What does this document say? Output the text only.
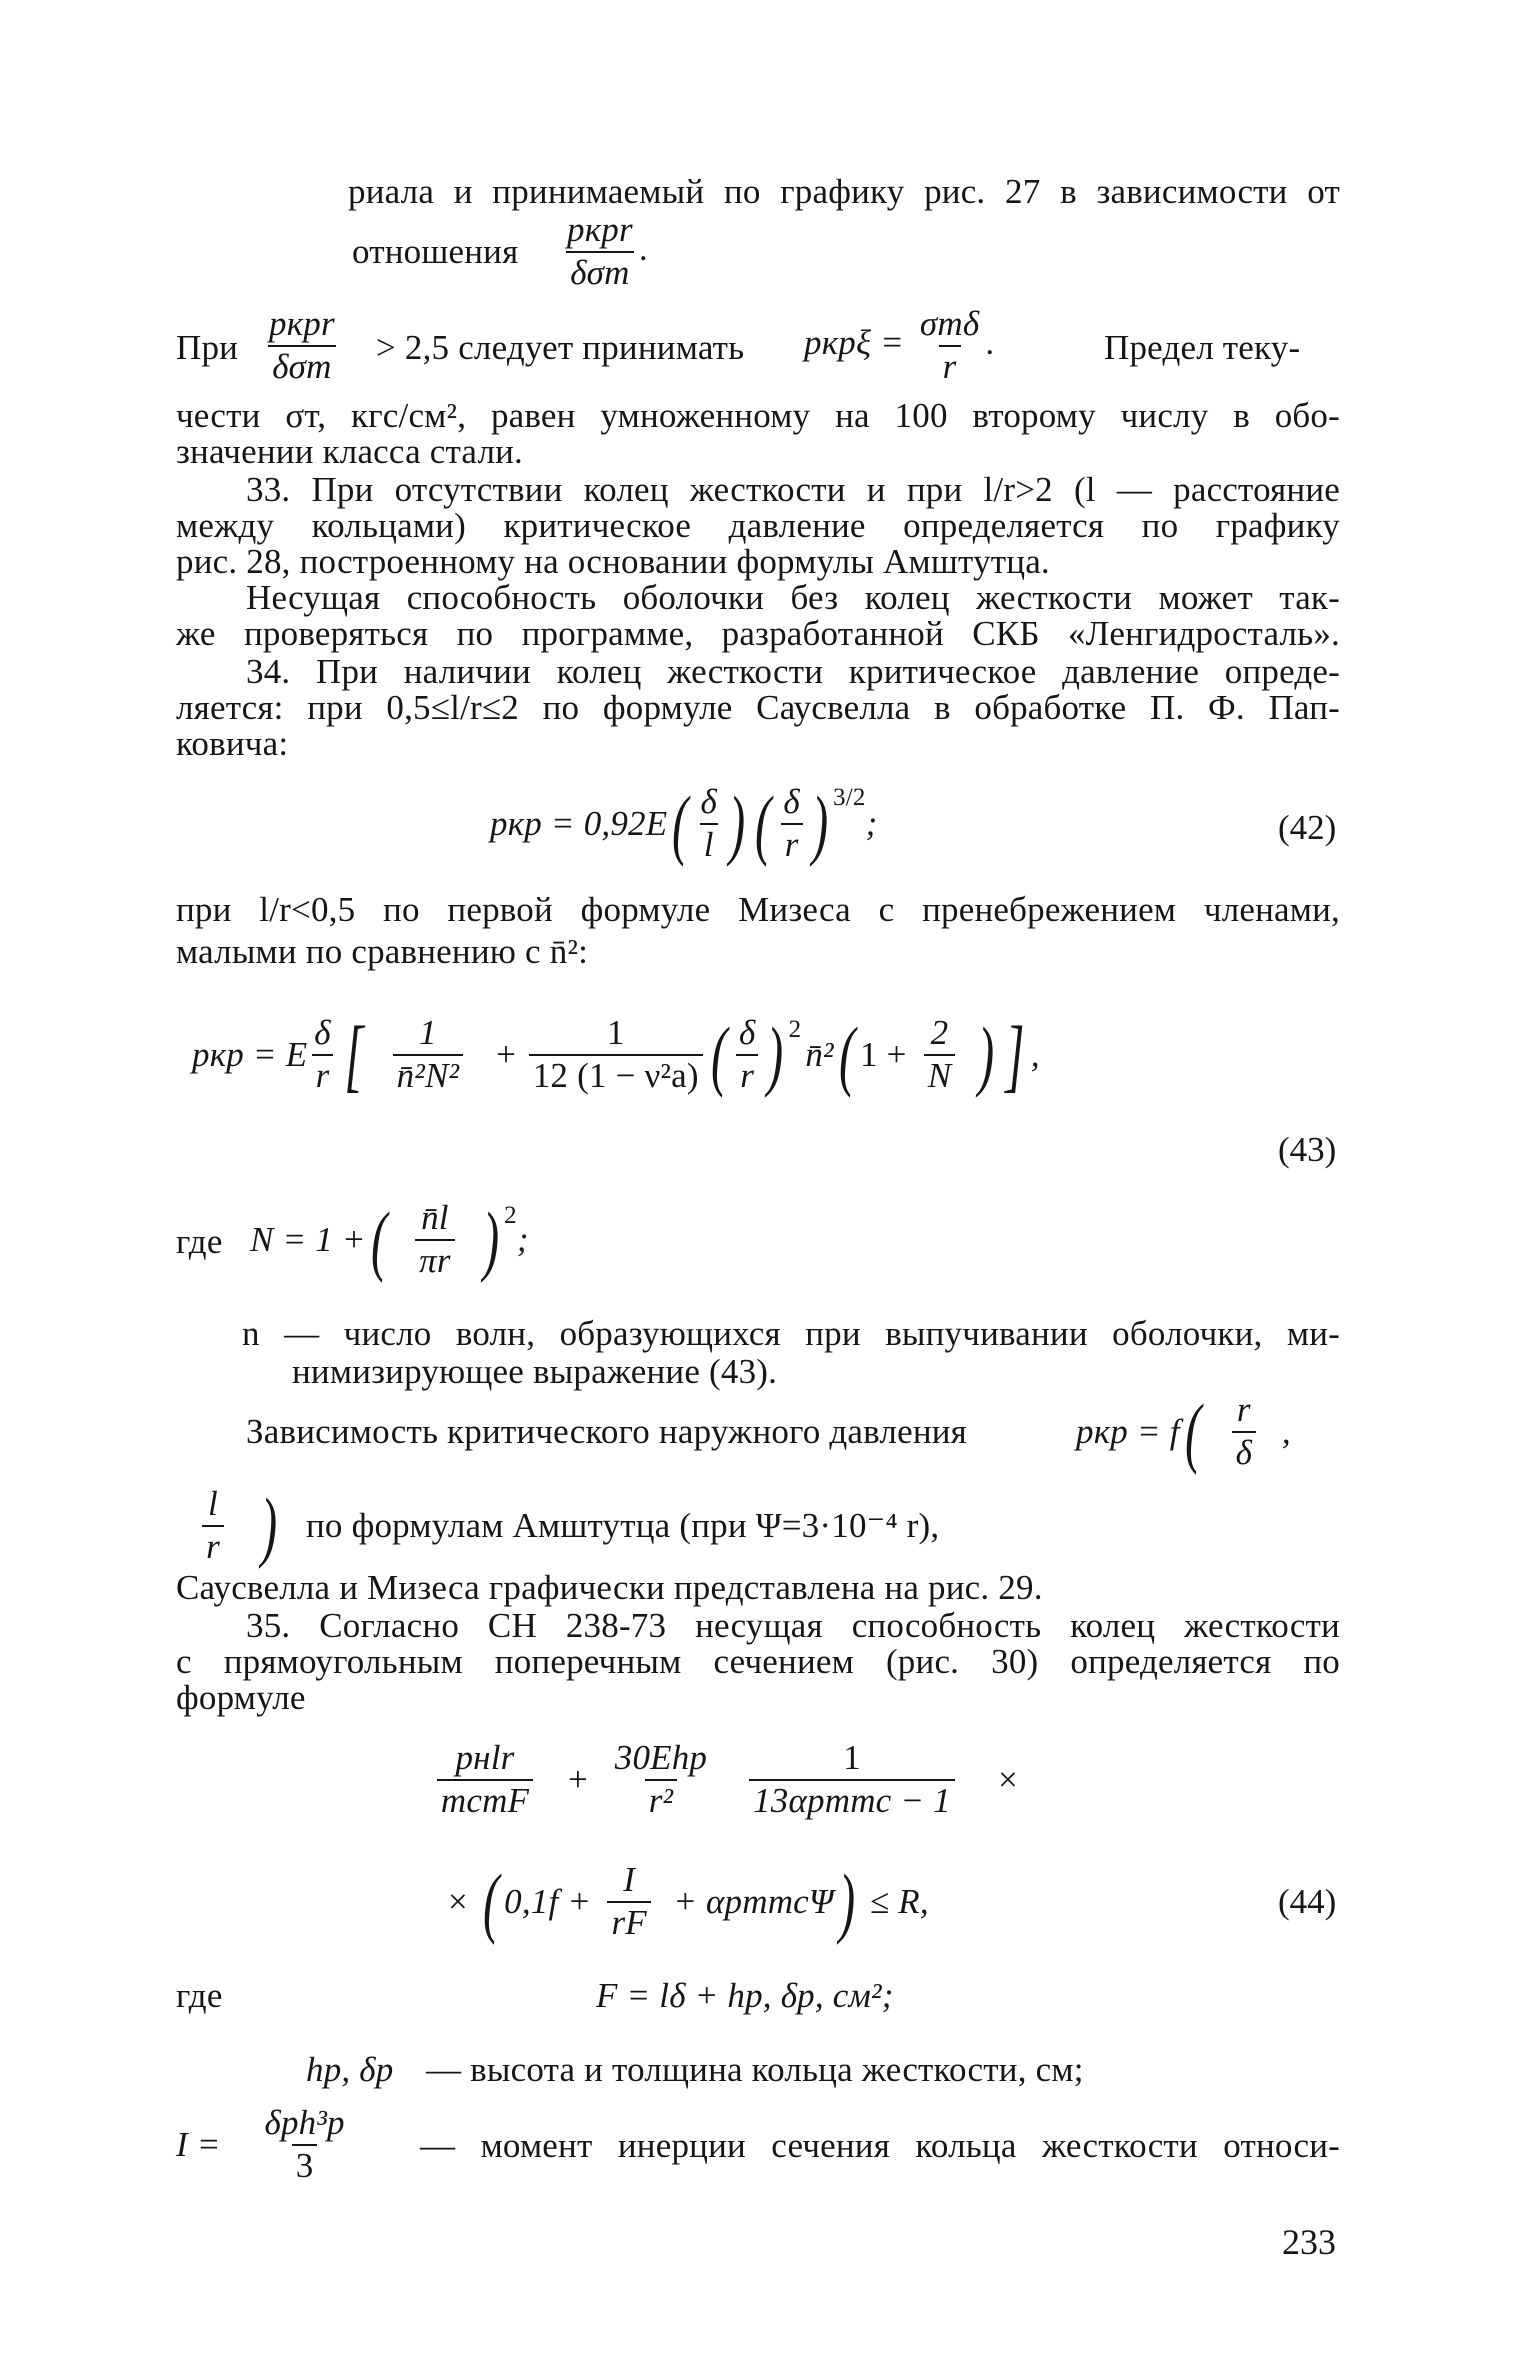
риала и принимаемый по графику рис. 27 в зависимости от
отношения $\frac{\text{pкрr}}{\text{δσт}}$ .
При $\frac{\text{pкрr}}{\text{δσт}} > 2,5$ следует принимать $pкр\xi = \frac{\text{σтδ}}{r}$ .	Предел теку-
чести σт, кгс/см², равен умноженному на 100 второму числу в обо-
значении класса стали.
33. При отсутствии колец жесткости и при l/r>2 (l — расстояние
между кольцами) критическое давление определяется по графику
рис. 28, построенному на основании формулы Амштутца.
Несущая способность оболочки без колец жесткости может так-
же проверяться по программе, разработанной СКБ «Ленгидросталь».
34. При наличии колец жесткости критическое давление опреде-
ляется: при 0,5≤l/r≤2 по формуле Саусвелла в обработке П. Ф. Пап-
ковича:
pкр = 0,92E ( $\frac{\delta}{l}$ ) ( $\frac{\delta}{r} )^{3/2}$
;	(42)
при l/r<0,5 по первой формуле Мизеса с пренебрежением членами,
малыми по сравнению с n̄²:
pкр = E $\frac{\delta}{r}$ [ $\frac{1}{\text{n̄²N²}} + \frac{1}{\text{12 (1 − ν²а)}}$ ( $\frac{\delta}{r} )^2$
n̄² ( $1 + \frac{2}{N}$ ) ] ,
(43)
где N = 1 + ( $\frac{n̄l}{\pi r} )^2$
;
n — число волн, образующихся при выпучивании оболочки, ми-
нимизирующее выражение (43).
Зависимость критического наружного давления	pкр = f ( $\frac{r}{\delta}$ ,
$\frac{l}{r}$ ) по формулам Амштутца (при Ψ=3·10⁻⁴ r),
Саусвелла и Мизеса графически представлена на рис. 29.
35. Согласно СН 238-73 несущая способность колец жесткости
с прямоугольным поперечным сечением (рис. 30) определяется по
формуле
$\frac{\text{pнlr}}{\text{mсmF}} + \frac{\text{30Ehр}}{\text{r²}} \frac{1}{\text{13αрmmс − 1}}$ ×
× ( $0,1f + \frac{I}{rF}$ + αрmmсΨ ) ≤ R,	(44)
где	F = lδ + hр, δр, см²;
hр, δр — высота и толщина кольца жесткости, см;
$I = \frac{\text{δрh³р}}{3}$ — момент инерции сечения кольца жесткости относи-
233
